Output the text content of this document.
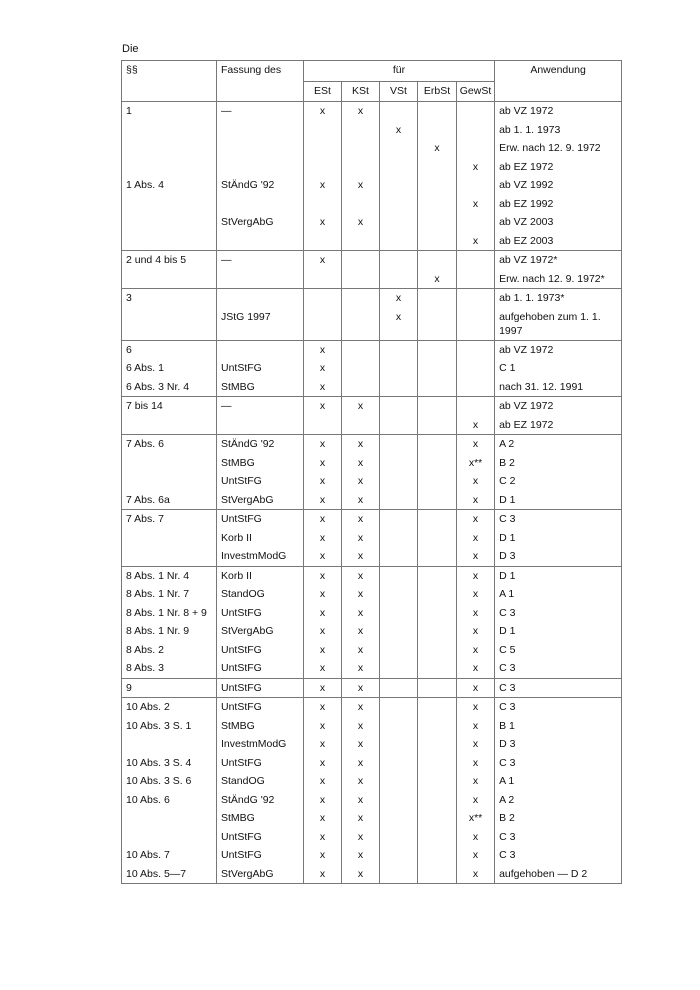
Die
§§	Fassung des	für					Anwendung
		ESt	KSt	VSt	ErbSt	GewSt	
1	—	x	x				ab VZ 1972
				x			ab 1. 1. 1973
					x		Erw. nach 12. 9. 1972
						x	ab EZ 1972
1 Abs. 4	StÄndG '92	x	x				ab VZ 1992
						x	ab EZ 1992
	StVergAbG	x	x				ab VZ 2003
						x	ab EZ 2003
2 und 4 bis 5	—	x					ab VZ 1972*
					x		Erw. nach 12. 9. 1972*
3				x			ab 1. 1. 1973*
	JStG 1997			x			aufgehoben zum 1. 1. 1997
6		x					ab VZ 1972
6 Abs. 1	UntStFG	x					C 1
6 Abs. 3 Nr. 4	StMBG	x					nach 31. 12. 1991
7 bis 14	—	x	x				ab VZ 1972
						x	ab EZ 1972
7 Abs. 6	StÄndG '92	x	x			x	A 2
	StMBG	x	x			x**	B 2
	UntStFG	x	x			x	C 2
7 Abs. 6a	StVergAbG	x	x			x	D 1
7 Abs. 7	UntStFG	x	x			x	C 3
	Korb II	x	x			x	D 1
	InvestmModG	x	x			x	D 3
8 Abs. 1 Nr. 4	Korb II	x	x			x	D 1
8 Abs. 1 Nr. 7	StandOG	x	x			x	A 1
8 Abs. 1 Nr. 8 + 9	UntStFG	x	x			x	C 3
8 Abs. 1 Nr. 9	StVergAbG	x	x			x	D 1
8 Abs. 2	UntStFG	x	x			x	C 5
8 Abs. 3	UntStFG	x	x			x	C 3
9	UntStFG	x	x			x	C 3
10 Abs. 2	UntStFG	x	x			x	C 3
10 Abs. 3 S. 1	StMBG	x	x			x	B 1
	InvestmModG	x	x			x	D 3
10 Abs. 3 S. 4	UntStFG	x	x			x	C 3
10 Abs. 3 S. 6	StandOG	x	x			x	A 1
10 Abs. 6	StÄndG '92	x	x			x	A 2
	StMBG	x	x			x**	B 2
	UntStFG	x	x			x	C 3
10 Abs. 7	UntStFG	x	x			x	C 3
10 Abs. 5—7	StVergAbG	x	x			x	aufgehoben — D 2
